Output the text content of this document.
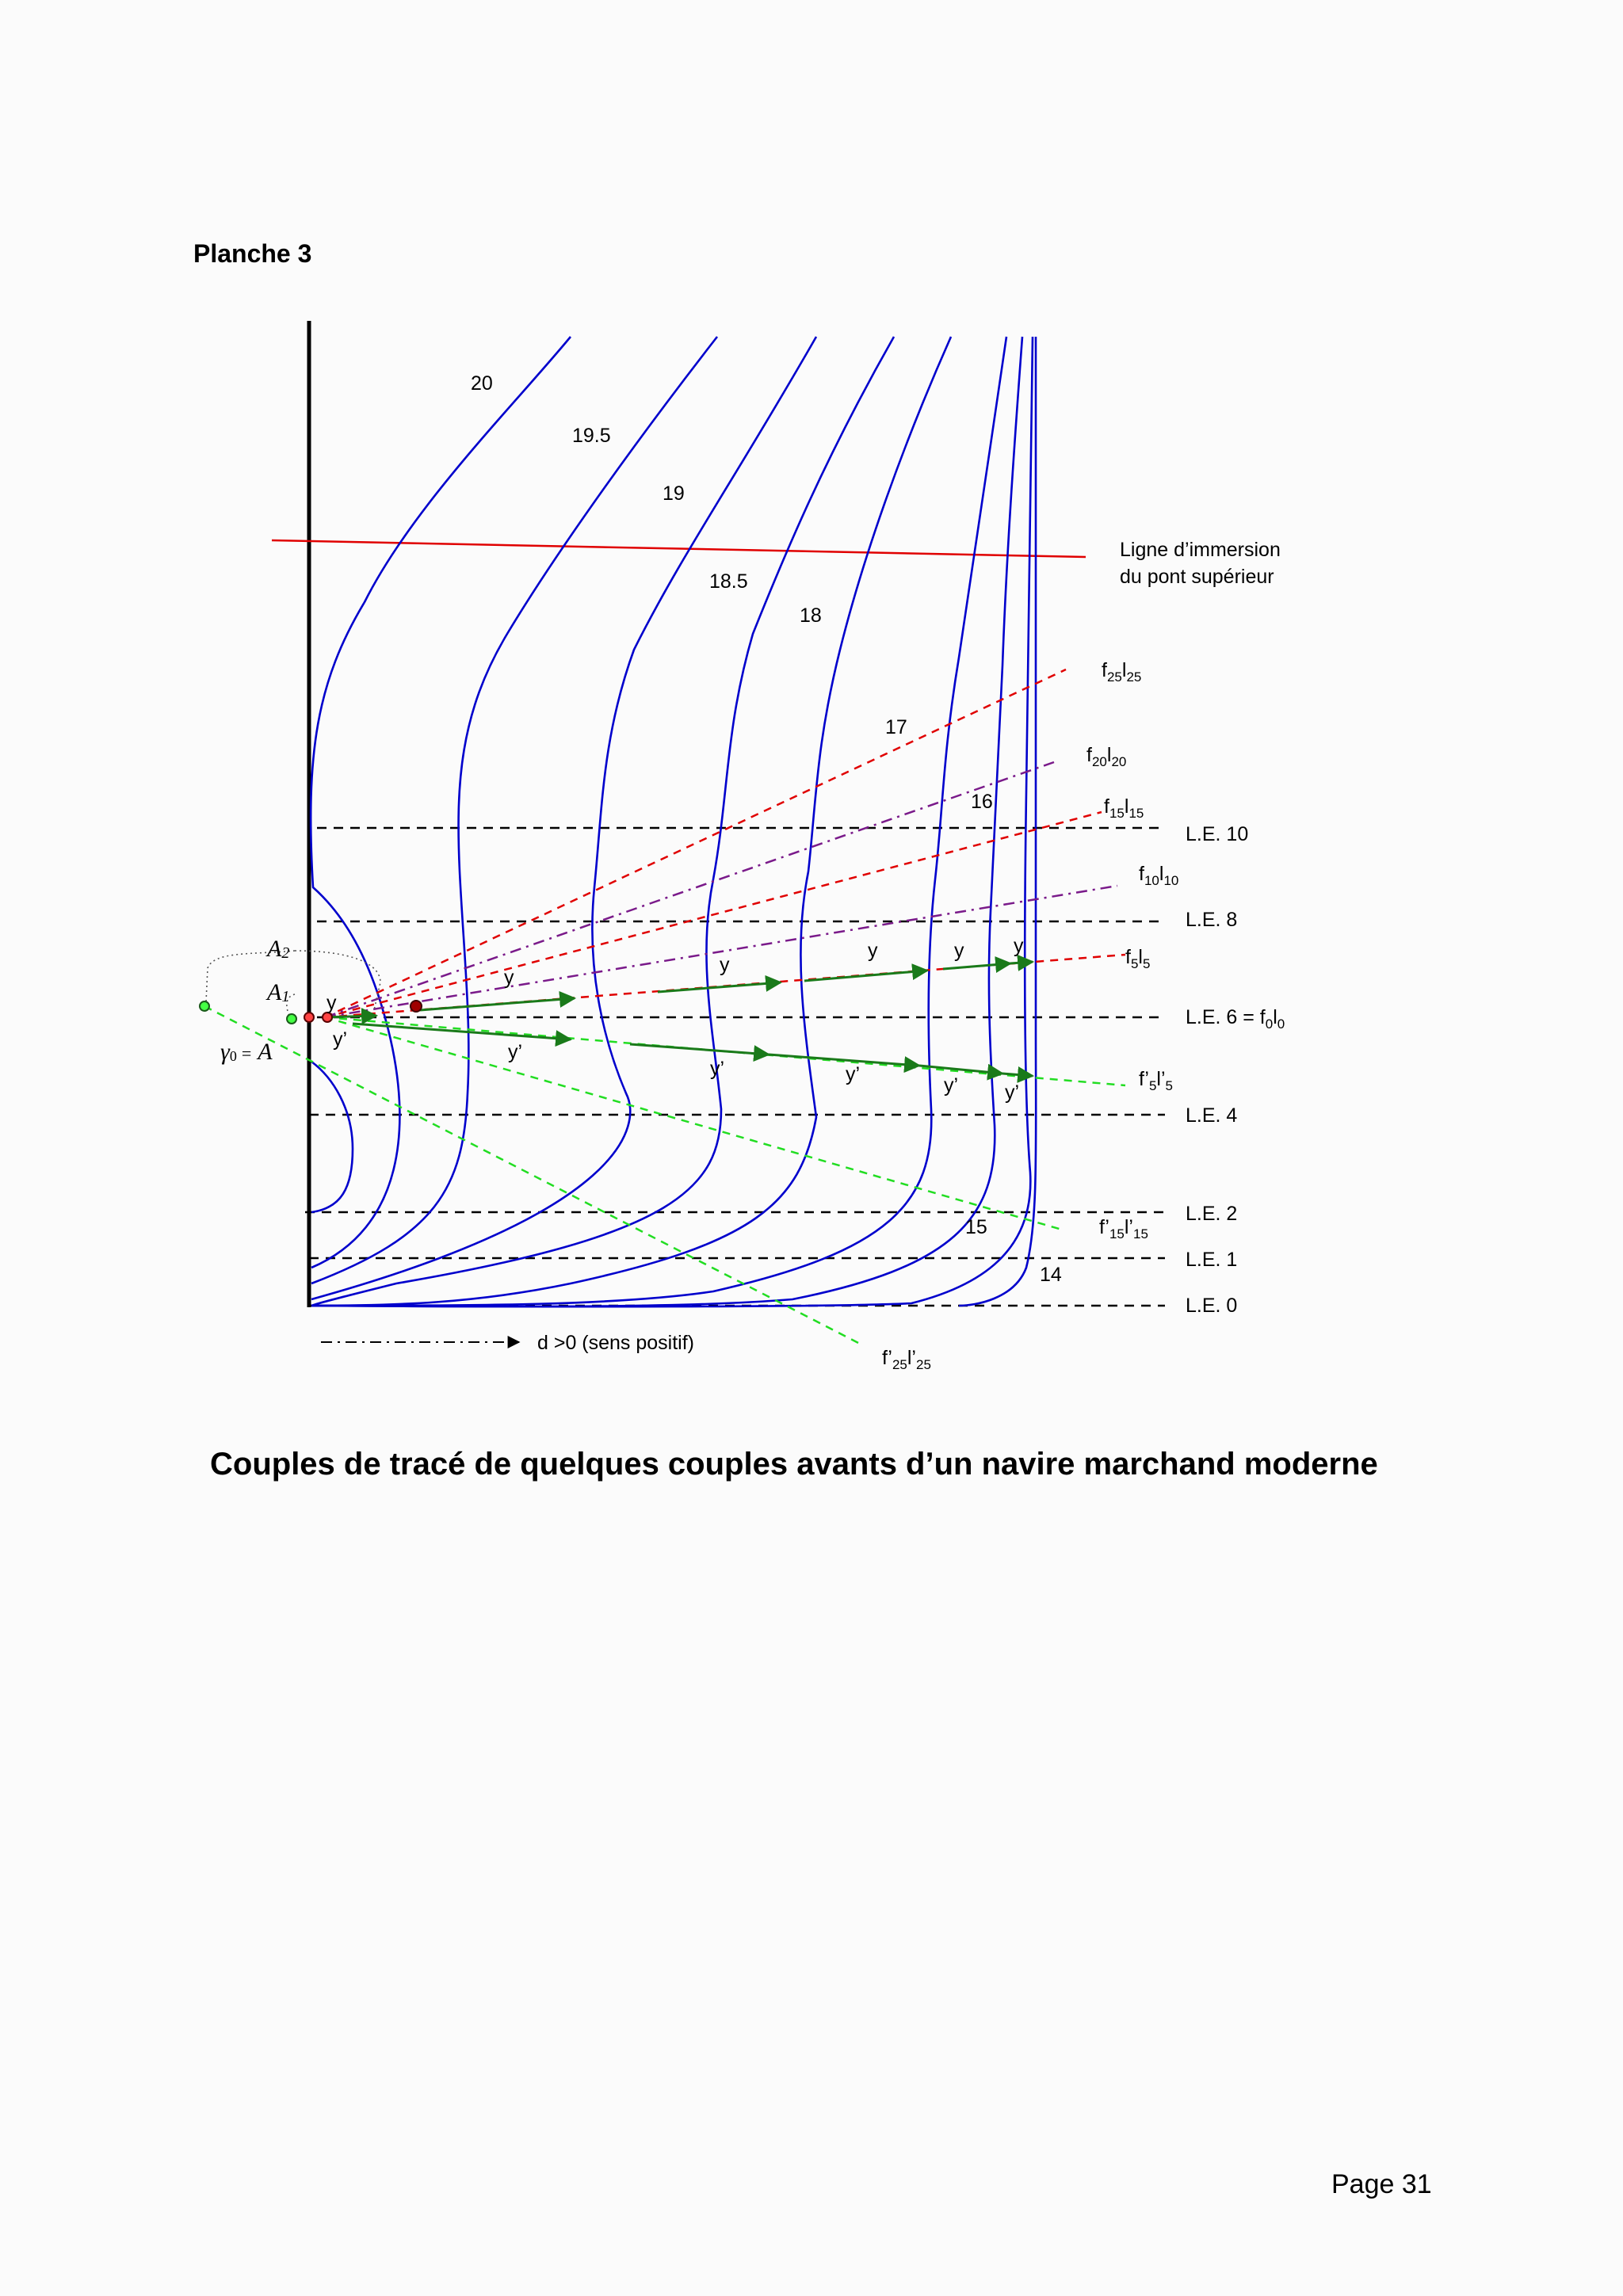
Planche 3
20
19.5
19
18.5
18
17
16
15
14
Ligne d’immersion
du pont supérieur
L.E. 10
L.E. 8
L.E. $6 = f_0l_0$
L.E. 4
L.E. 2
L.E. 1
L.E. 0
$f_{25}l_{25}$
$f_{20}l_{20}$
$f_{15}l_{15}$
$f_{10}l_{10}$
$f_5l_5$
$f’_5l’_5$
$f’_{15}l’_{15}$
$f’_{25}l’_{25}$
A2
A1
γ0 = A
y
y
y
y	y	y
y’
y’
y’	y’	y’ y’
d >0 (sens positif)
Couples de tracé de quelques couples avants d’un navire marchand moderne
Page 31
